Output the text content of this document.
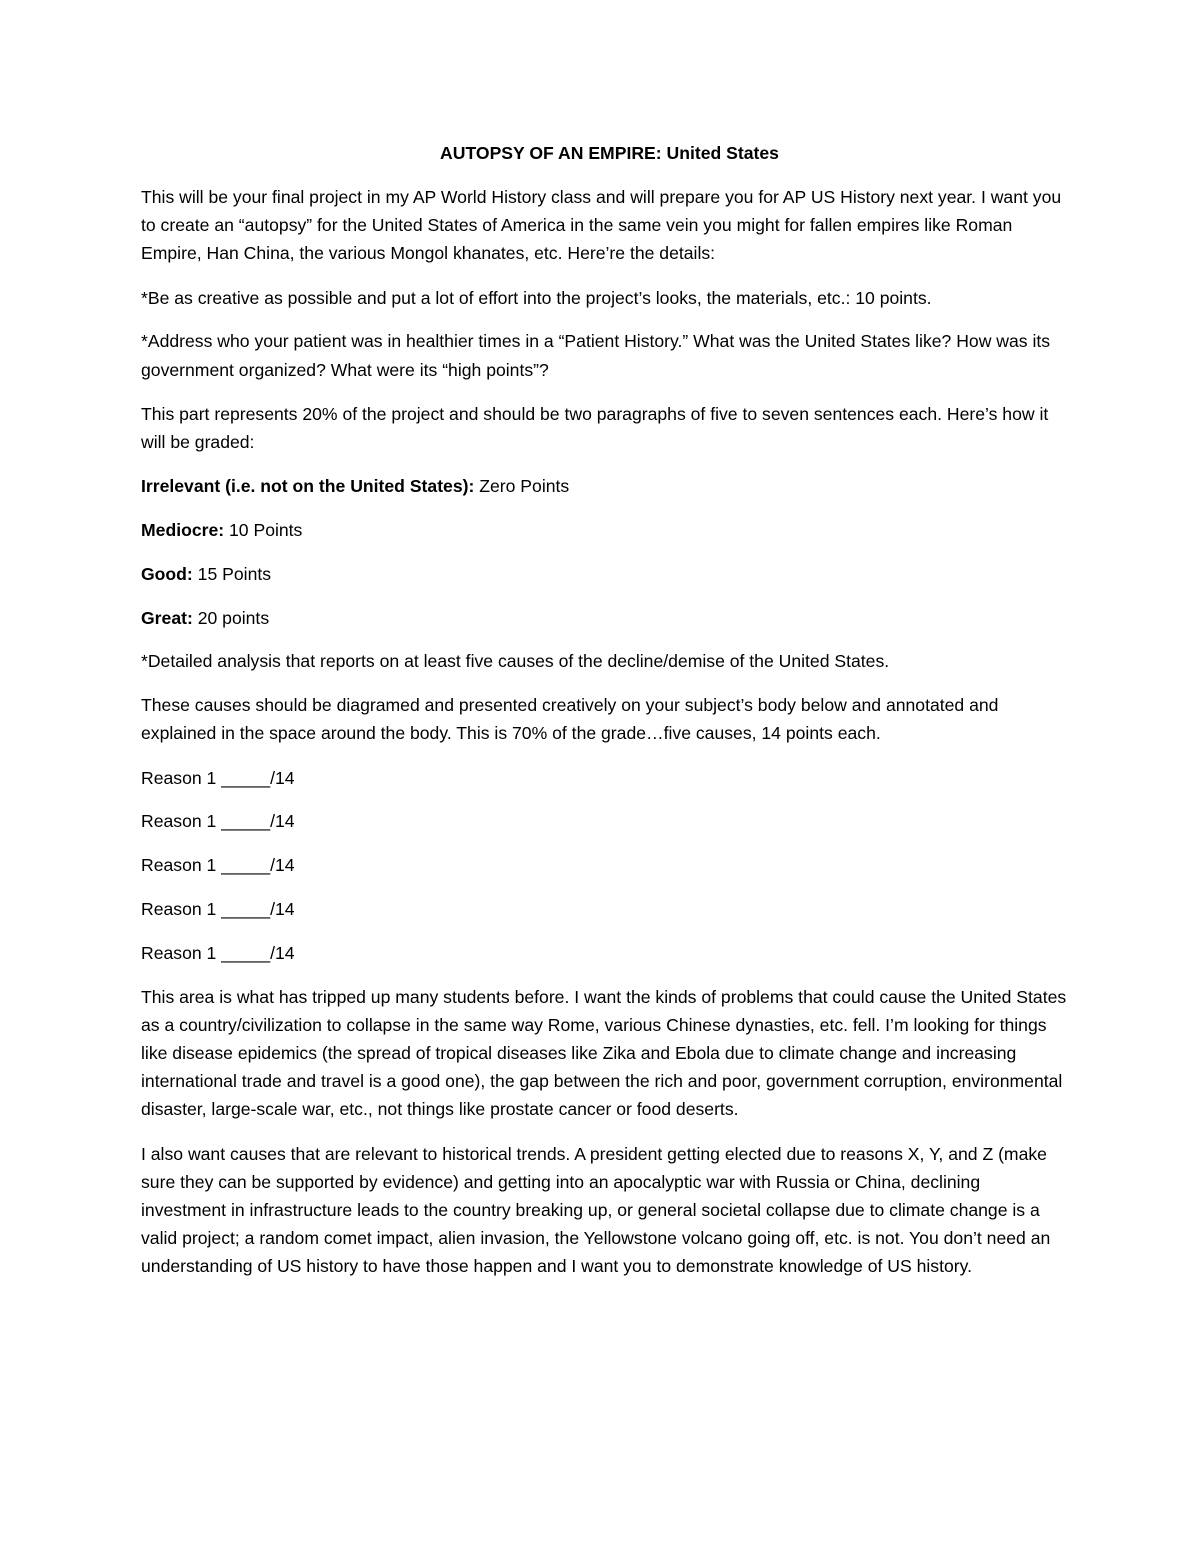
AUTOPSY OF AN EMPIRE: United States

This will be your final project in my AP World History class and will prepare you for AP US History next year. I want you to create an “autopsy” for the United States of America in the same vein you might for fallen empires like Roman Empire, Han China, the various Mongol khanates, etc. Here’re the details:

*Be as creative as possible and put a lot of effort into the project’s looks, the materials, etc.: 10 points.

*Address who your patient was in healthier times in a “Patient History.” What was the United States like? How was its government organized? What were its “high points”?

This part represents 20% of the project and should be two paragraphs of five to seven sentences each. Here’s how it will be graded:

Irrelevant (i.e. not on the United States): Zero Points

Mediocre: 10 Points

Good: 15 Points

Great: 20 points

*Detailed analysis that reports on at least five causes of the decline/demise of the United States.

These causes should be diagramed and presented creatively on your subject’s body below and annotated and explained in the space around the body. This is 70% of the grade…five causes, 14 points each.

Reason 1 _____/14

Reason 1 _____/14

Reason 1 _____/14

Reason 1 _____/14

Reason 1 _____/14

This area is what has tripped up many students before. I want the kinds of problems that could cause the United States as a country/civilization to collapse in the same way Rome, various Chinese dynasties, etc. fell. I’m looking for things like disease epidemics (the spread of tropical diseases like Zika and Ebola due to climate change and increasing international trade and travel is a good one), the gap between the rich and poor, government corruption, environmental disaster, large-scale war, etc., not things like prostate cancer or food deserts.

I also want causes that are relevant to historical trends. A president getting elected due to reasons X, Y, and Z (make sure they can be supported by evidence) and getting into an apocalyptic war with Russia or China, declining investment in infrastructure leads to the country breaking up, or general societal collapse due to climate change is a valid project; a random comet impact, alien invasion, the Yellowstone volcano going off, etc. is not. You don’t need an understanding of US history to have those happen and I want you to demonstrate knowledge of US history.
